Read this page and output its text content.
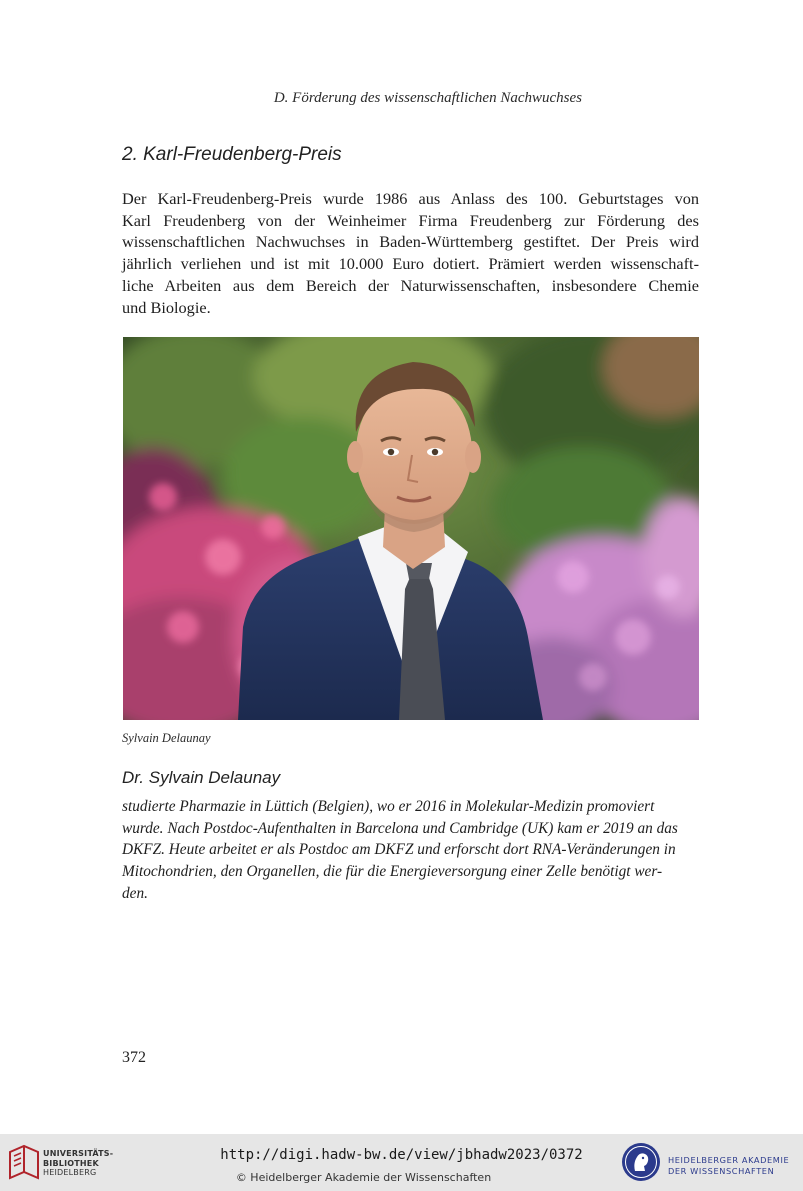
D. Förderung des wissenschaftlichen Nachwuchses
2. Karl-Freudenberg-Preis
Der Karl-Freudenberg-Preis wurde 1986 aus Anlass des 100. Geburtstages von
Karl Freudenberg von der Weinheimer Firma Freudenberg zur Förderung des
wissenschaftlichen Nachwuchses in Baden-Württemberg gestiftet. Der Preis wird
jährlich verliehen und ist mit 10.000 Euro dotiert. Prämiert werden wissenschaft-
liche Arbeiten aus dem Bereich der Naturwissenschaften, insbesondere Chemie
und Biologie.
Sylvain Delaunay
Dr. Sylvain Delaunay
studierte Pharmazie in Lüttich (Belgien), wo er 2016 in Molekular-Medizin promoviert
wurde. Nach Postdoc-Aufenthalten in Barcelona und Cambridge (UK) kam er 2019 an das
DKFZ. Heute arbeitet er als Postdoc am DKFZ und erforscht dort RNA-Veränderungen in
Mitochondrien, den Organellen, die für die Energieversorgung einer Zelle benötigt wer-
den.
372
UNIVERSITÄTS-
BIBLIOTHEK
HEIDELBERG
http://digi.hadw-bw.de/view/jbhadw2023/0372
© Heidelberger Akademie der Wissenschaften
HEIDELBERGER AKADEMIE
DER WISSENSCHAFTEN
